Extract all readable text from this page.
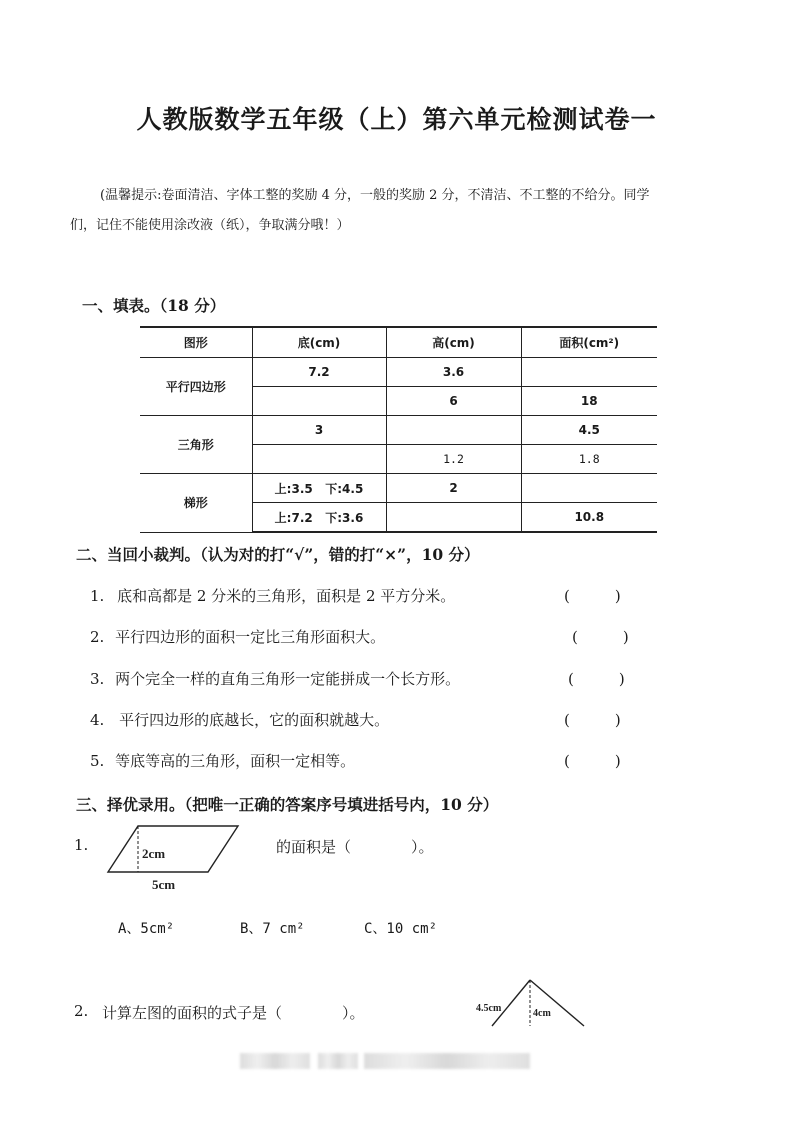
人教版数学五年级（上）第六单元检测试卷一
(温馨提示:卷面清洁、字体工整的奖励 4 分，一般的奖励 2 分，不清洁、不工整的不给分。同学
们，记住不能使用涂改液（纸），争取满分哦！）
一、填表。（18 分）
图形	底(cm)	高(cm)	面积(cm²)
平行四边形	7.2	3.6	
		6	18
三角形	3		4.5
		1.2	1.8
梯形	上:3.5   下:4.5	2	
	上:7.2   下:3.6		10.8
二、当回小裁判。（认为对的打“√”，错的打“×”，10 分）
1. 底和高都是 2 分米的三角形，面积是 2 平方分米。	(　　　)
2. 平行四边形的面积一定比三角形面积大。	(　　　)
3. 两个完全一样的直角三角形一定能拼成一个长方形。	(　　　)
4. 平行四边形的底越长，它的面积就越大。	(　　　)
5. 等底等高的三角形，面积一定相等。	(　　　)
三、择优录用。（把唯一正确的答案序号填进括号内，10 分）
1.	2cm
5cm
的面积是（　　　　）。
A、5cm²	B、7 cm²	C、10 cm²
2. 计算左图的面积的式子是（　　　　）。	4.5cm	4cm
